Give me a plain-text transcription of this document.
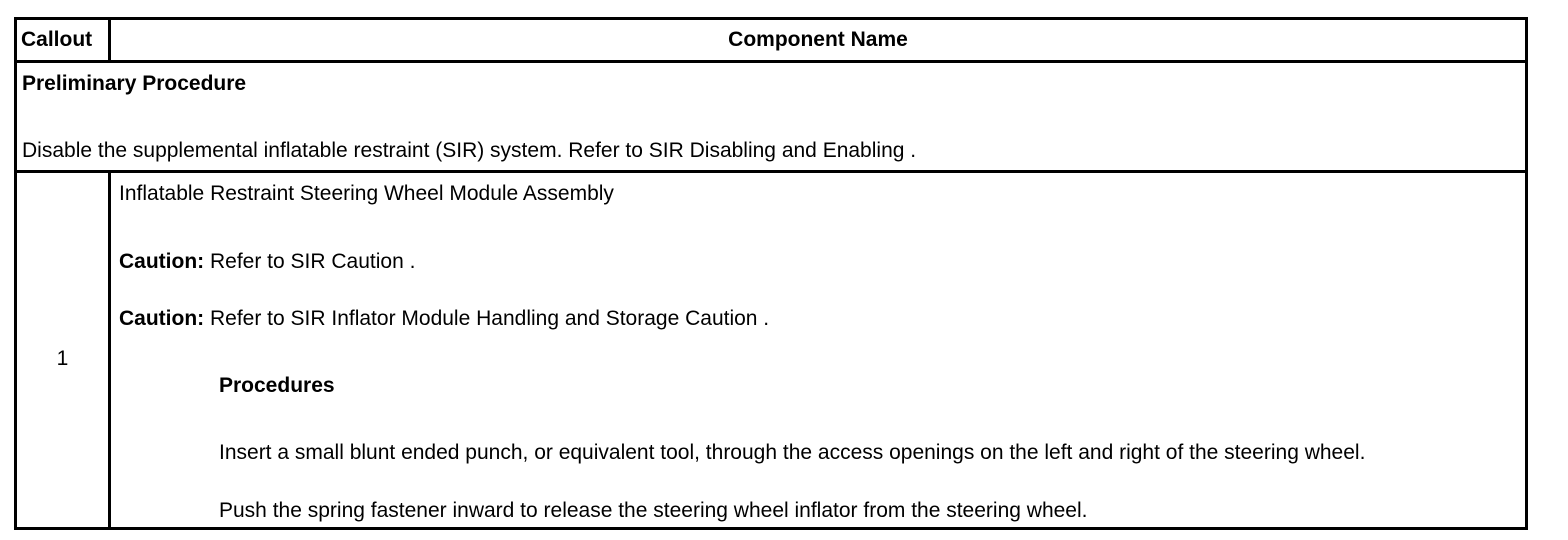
Callout	Component Name
Preliminary Procedure
Disable the supplemental inflatable restraint (SIR) system. Refer to SIR Disabling and Enabling .
1
Inflatable Restraint Steering Wheel Module Assembly
Caution: Refer to SIR Caution .
Caution: Refer to SIR Inflator Module Handling and Storage Caution .
Procedures
Insert a small blunt ended punch, or equivalent tool, through the access openings on the left and right of the steering wheel.
Push the spring fastener inward to release the steering wheel inflator from the steering wheel.
